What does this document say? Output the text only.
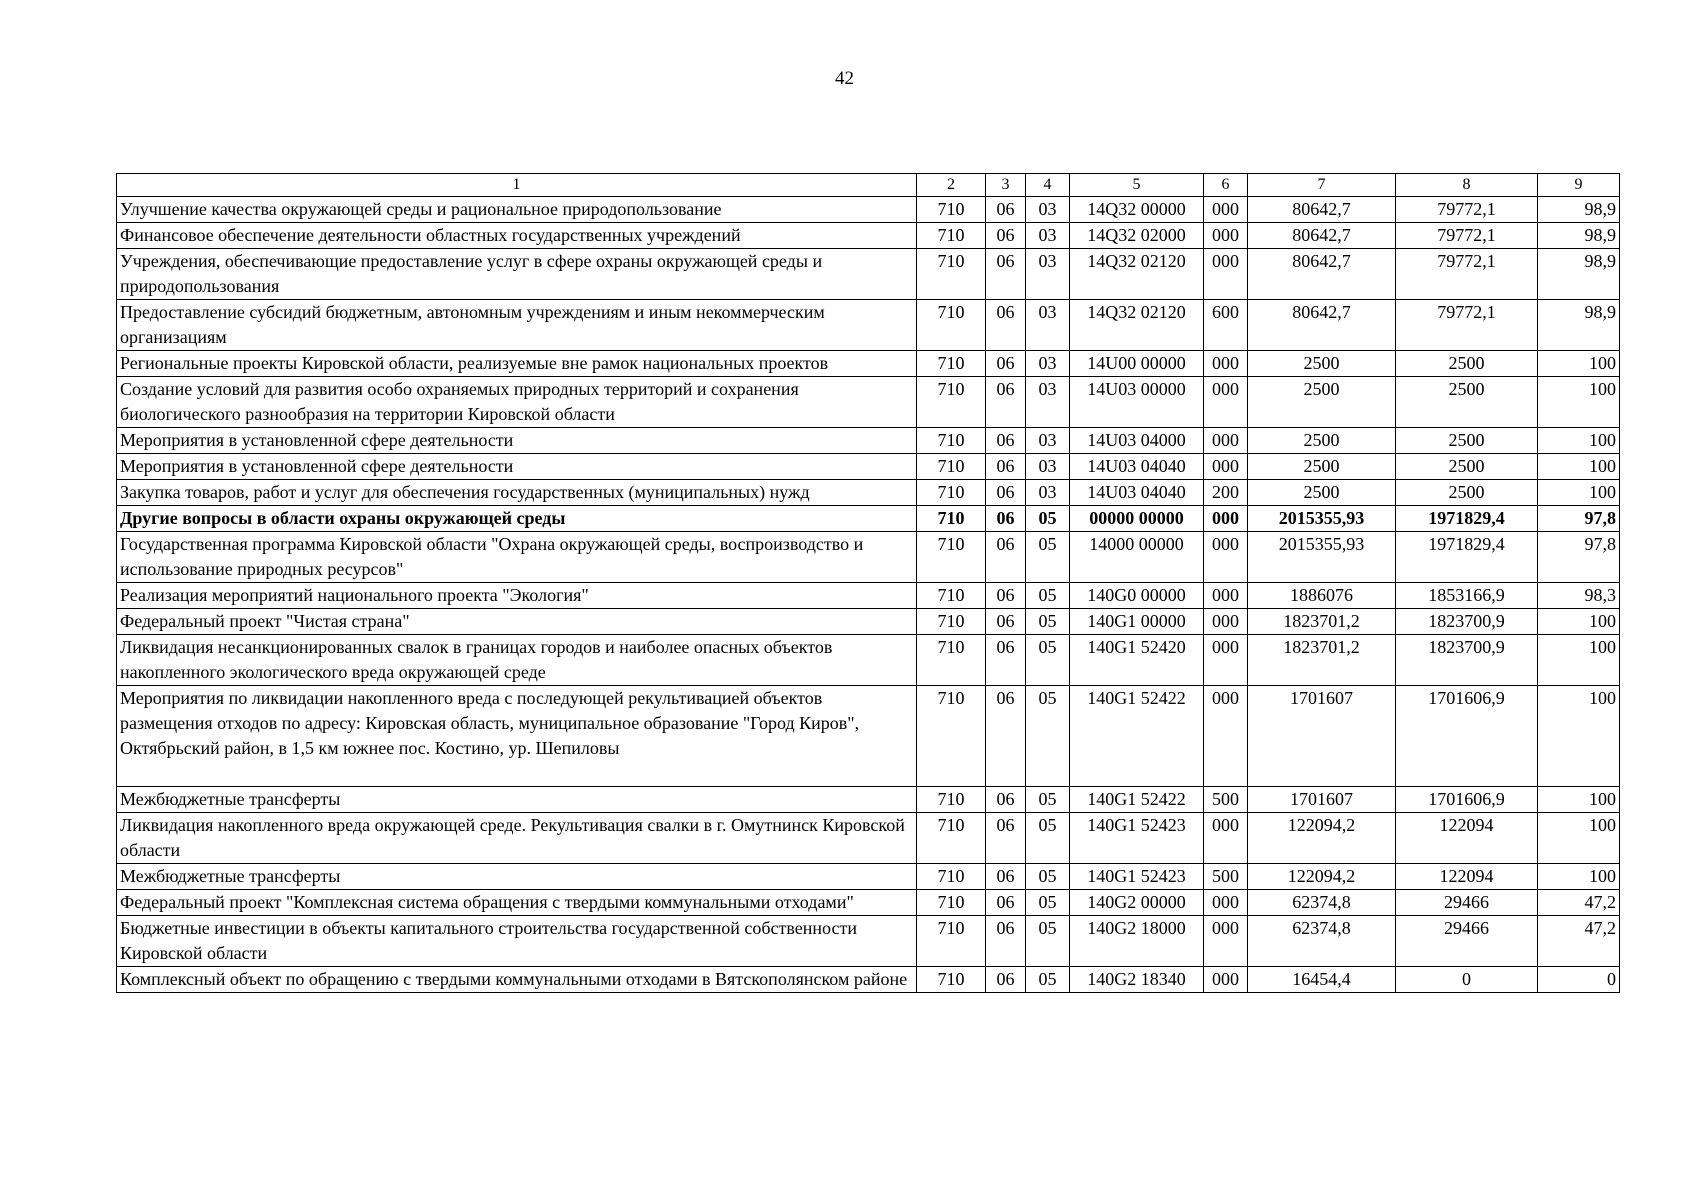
42
1	2	3	4	5	6	7	8	9
Улучшение качества окружающей среды и рациональное природопользование	710	06	03	14Q32 00000	000	80642,7	79772,1	98,9
Финансовое обеспечение деятельности областных государственных учреждений	710	06	03	14Q32 02000	000	80642,7	79772,1	98,9
Учреждения, обеспечивающие предоставление услуг в сфере охраны окружающей среды и природопользования	710	06	03	14Q32 02120	000	80642,7	79772,1	98,9
Предоставление субсидий бюджетным, автономным учреждениям и иным некоммерческим организациям	710	06	03	14Q32 02120	600	80642,7	79772,1	98,9
Региональные проекты Кировской области, реализуемые вне рамок национальных проектов	710	06	03	14U00 00000	000	2500	2500	100
Создание условий для развития особо охраняемых природных территорий и сохранения биологического разнообразия на территории Кировской области	710	06	03	14U03 00000	000	2500	2500	100
Мероприятия в установленной сфере деятельности	710	06	03	14U03 04000	000	2500	2500	100
Мероприятия в установленной сфере деятельности	710	06	03	14U03 04040	000	2500	2500	100
Закупка товаров, работ и услуг для обеспечения государственных (муниципальных) нужд	710	06	03	14U03 04040	200	2500	2500	100
Другие вопросы в области охраны окружающей среды	710	06	05	00000 00000	000	2015355,93	1971829,4	97,8
Государственная программа Кировской области "Охрана окружающей среды, воспроизводство и использование природных ресурсов"	710	06	05	14000 00000	000	2015355,93	1971829,4	97,8
Реализация мероприятий национального проекта "Экология"	710	06	05	140G0 00000	000	1886076	1853166,9	98,3
Федеральный проект "Чистая страна"	710	06	05	140G1 00000	000	1823701,2	1823700,9	100
Ликвидация несанкционированных свалок в границах городов и наиболее опасных объектов накопленного экологического вреда окружающей среде	710	06	05	140G1 52420	000	1823701,2	1823700,9	100
Мероприятия по ликвидации накопленного вреда с последующей рекультивацией объектов размещения отходов по адресу: Кировская область, муниципальное образование "Город Киров", Октябрьский район, в 1,5 км южнее пос. Костино, ур. Шепиловы	710	06	05	140G1 52422	000	1701607	1701606,9	100
Межбюджетные трансферты	710	06	05	140G1 52422	500	1701607	1701606,9	100
Ликвидация накопленного вреда окружающей среде. Рекультивация свалки в г. Омутнинск Кировской области	710	06	05	140G1 52423	000	122094,2	122094	100
Межбюджетные трансферты	710	06	05	140G1 52423	500	122094,2	122094	100
Федеральный проект "Комплексная система обращения с твердыми коммунальными отходами"	710	06	05	140G2 00000	000	62374,8	29466	47,2
Бюджетные инвестиции в объекты капитального строительства государственной собственности Кировской области	710	06	05	140G2 18000	000	62374,8	29466	47,2
Комплексный объект по обращению с твердыми коммунальными отходами в Вятскополянском районе	710	06	05	140G2 18340	000	16454,4	0	0
